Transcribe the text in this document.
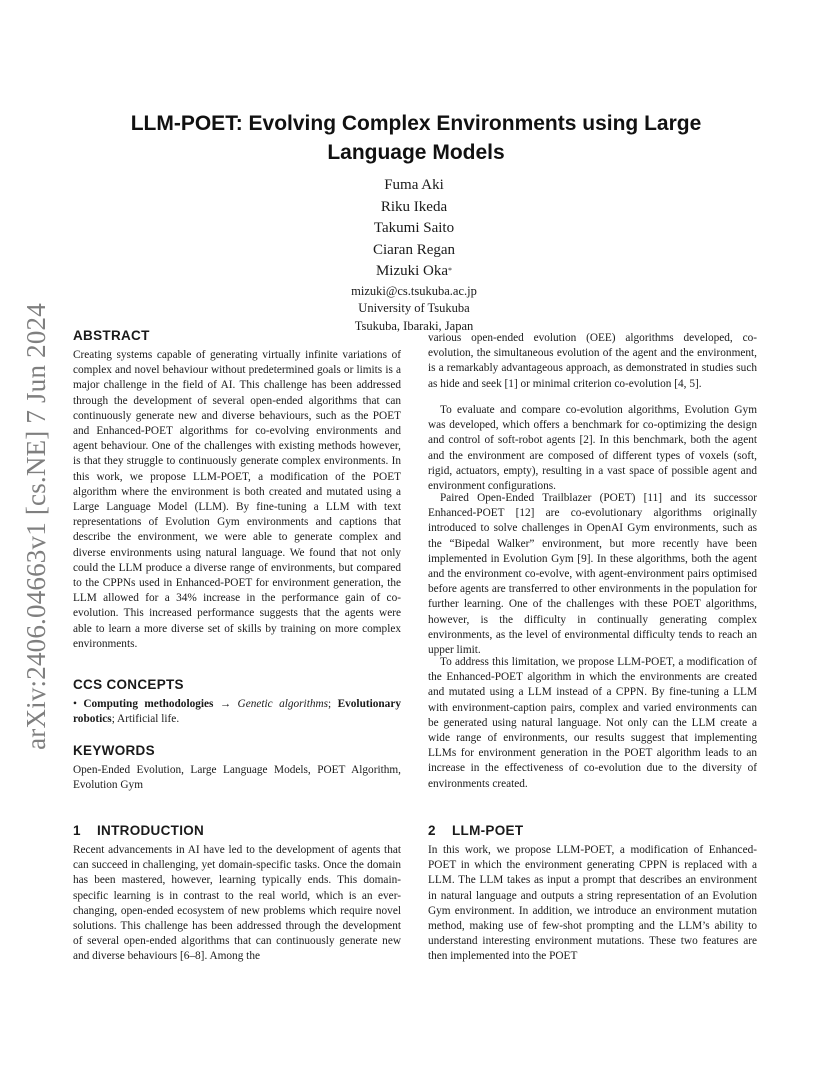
arXiv:2406.04663v1 [cs.NE] 7 Jun 2024
LLM-POET: Evolving Complex Environments using Large Language Models
Fuma Aki
Riku Ikeda
Takumi Saito
Ciaran Regan
Mizuki Oka*
mizuki@cs.tsukuba.ac.jp
University of Tsukuba
Tsukuba, Ibaraki, Japan
ABSTRACT

Creating systems capable of generating virtually infinite variations of complex and novel behaviour without predetermined goals or limits is a major challenge in the field of AI. This challenge has been addressed through the development of several open-ended algorithms that can continuously generate new and diverse behaviours, such as the POET and Enhanced-POET algorithms for co-evolving environments and agent behaviour. One of the challenges with existing methods however, is that they struggle to continuously generate complex environments. In this work, we propose LLM-POET, a modification of the POET algorithm where the environment is both created and mutated using a Large Language Model (LLM). By fine-tuning a LLM with text representations of Evolution Gym environments and captions that describe the environment, we were able to generate complex and diverse environments using natural language. We found that not only could the LLM produce a diverse range of environments, but compared to the CPPNs used in Enhanced-POET for environment generation, the LLM allowed for a 34% increase in the performance gain of co-evolution. This increased performance suggests that the agents were able to learn a more diverse set of skills by training on more complex environments.

CCS CONCEPTS

• Computing methodologies → Genetic algorithms; Evolutionary robotics; Artificial life.

KEYWORDS

Open-Ended Evolution, Large Language Models, POET Algorithm, Evolution Gym

1 INTRODUCTION

Recent advancements in AI have led to the development of agents that can succeed in challenging, yet domain-specific tasks. Once the domain has been mastered, however, learning typically ends. This domain-specific learning is in contrast to the real world, which is an ever-changing, open-ended ecosystem of new problems which require novel solutions. This challenge has been addressed through the development of several open-ended algorithms that can continuously generate new and diverse behaviours [6–8]. Among the

various open-ended evolution (OEE) algorithms developed, co-evolution, the simultaneous evolution of the agent and the environment, is a remarkably advantageous approach, as demonstrated in studies such as hide and seek [1] or minimal criterion co-evolution [4, 5].

To evaluate and compare co-evolution algorithms, Evolution Gym was developed, which offers a benchmark for co-optimizing the design and control of soft-robot agents [2]. In this benchmark, both the agent and the environment are composed of different types of voxels (soft, rigid, actuators, empty), resulting in a vast space of possible agent and environment configurations.

Paired Open-Ended Trailblazer (POET) [11] and its successor Enhanced-POET [12] are co-evolutionary algorithms originally introduced to solve challenges in OpenAI Gym environments, such as the “Bipedal Walker” environment, but more recently have been implemented in Evolution Gym [9]. In these algorithms, both the agent and the environment co-evolve, with agent-environment pairs optimised before agents are transferred to other environments in the population for further learning. One of the challenges with these POET algorithms, however, is the difficulty in continually generating complex environments, as the level of environmental difficulty tends to reach an upper limit.

To address this limitation, we propose LLM-POET, a modification of the Enhanced-POET algorithm in which the environments are created and mutated using a LLM instead of a CPPN. By fine-tuning a LLM with environment-caption pairs, complex and varied environments can be generated using natural language. Not only can the LLM create a wide range of environments, our results suggest that implementing LLMs for environment generation in the POET algorithm leads to an increase in the effectiveness of co-evolution due to the diversity of environments created.

2 LLM-POET

In this work, we propose LLM-POET, a modification of Enhanced-POET in which the environment generating CPPN is replaced with a LLM. The LLM takes as input a prompt that describes an environment in natural language and outputs a string representation of an Evolution Gym environment. In addition, we introduce an environment mutation method, making use of few-shot prompting and the LLM’s ability to understand interesting environment mutations. These two features are then implemented into the POET
